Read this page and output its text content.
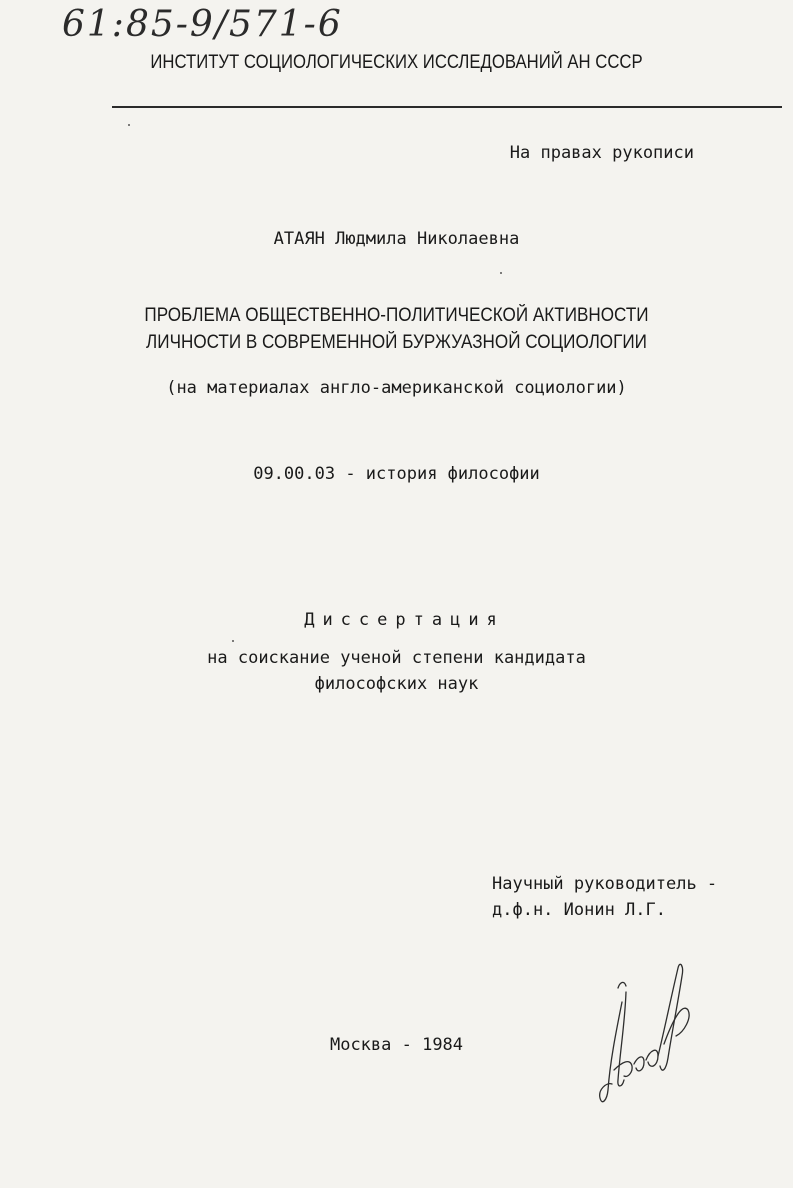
61:85-9/571-6
ИНСТИТУТ СОЦИОЛОГИЧЕСКИХ ИССЛЕДОВАНИЙ АН СССР
На правах рукописи
АТАЯН Людмила Николаевна
ПРОБЛЕМА ОБЩЕСТВЕННО-ПОЛИТИЧЕСКОЙ АКТИВНОСТИ
ЛИЧНОСТИ В СОВРЕМЕННОЙ БУРЖУАЗНОЙ СОЦИОЛОГИИ
(на материалах англо-американской социологии)
09.00.03 - история философии
Диссертация
на соискание ученой степени кандидата
философских наук
Научный руководитель -
д.ф.н. Ионин Л.Г.
Москва - 1984
